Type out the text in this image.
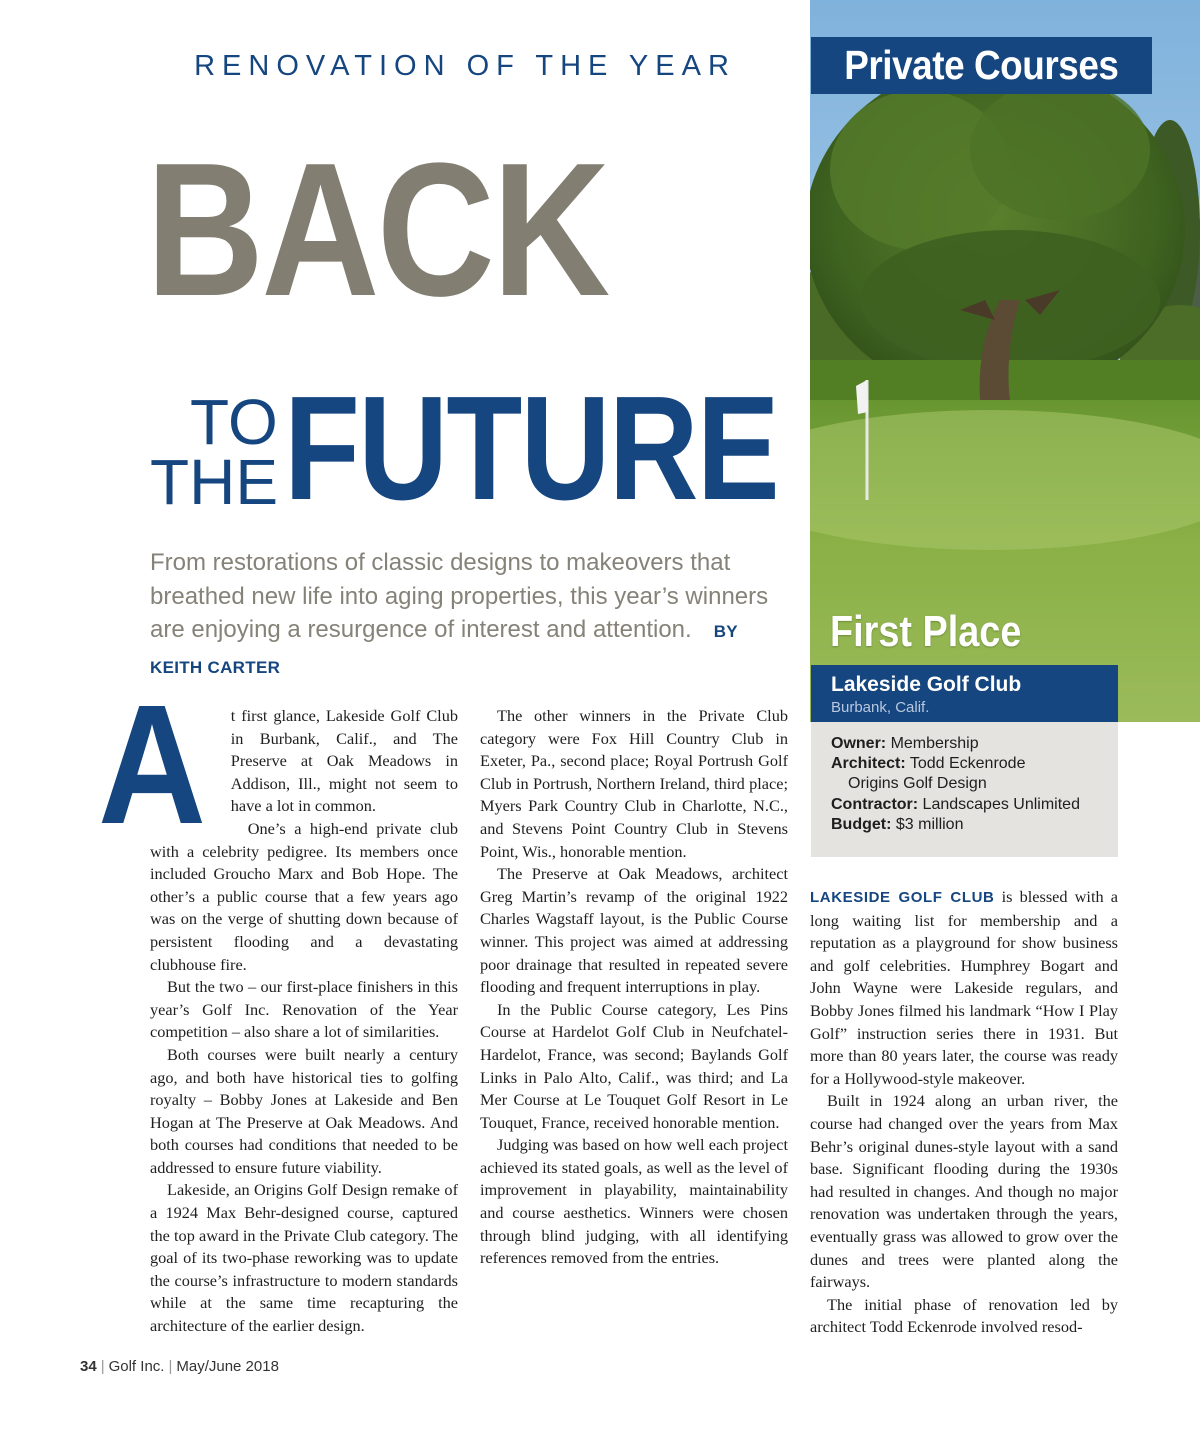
RENOVATION OF THE YEAR
BACK
TO
THE FUTURE
From restorations of classic designs to makeovers that breathed new life into aging properties, this year’s winners are enjoying a resurgence of interest and attention. BY KEITH CARTER

A t first glance, Lakeside Golf Club in Burbank, Calif., and The Preserve at Oak Meadows in Addison, Ill., might not seem to have a lot in common.

One’s a high-end private club with a celebrity pedigree. Its members once included Groucho Marx and Bob Hope. The other’s a public course that a few years ago was on the verge of shutting down because of persistent flooding and a devastating clubhouse fire.

But the two – our first-place finishers in this year’s Golf Inc. Renovation of the Year competition – also share a lot of similarities.

Both courses were built nearly a century ago, and both have historical ties to golfing royalty – Bobby Jones at Lakeside and Ben Hogan at The Preserve at Oak Meadows. And both courses had conditions that needed to be addressed to ensure future viability.

Lakeside, an Origins Golf Design remake of a 1924 Max Behr-designed course, captured the top award in the Private Club category. The goal of its two-phase reworking was to update the course’s infrastructure to modern standards while at the same time recapturing the architecture of the earlier design.

The other winners in the Private Club category were Fox Hill Country Club in Exeter, Pa., second place; Royal Portrush Golf Club in Portrush, Northern Ireland, third place; Myers Park Country Club in Charlotte, N.C., and Stevens Point Country Club in Stevens Point, Wis., honorable mention.

The Preserve at Oak Meadows, architect Greg Martin’s revamp of the original 1922 Charles Wagstaff layout, is the Public Course winner. This project was aimed at addressing poor drainage that resulted in repeated severe flooding and frequent interruptions in play.

In the Public Course category, Les Pins Course at Hardelot Golf Club in Neufchatel-Hardelot, France, was second; Baylands Golf Links in Palo Alto, Calif., was third; and La Mer Course at Le Touquet Golf Resort in Le Touquet, France, received honorable mention.

Judging was based on how well each project achieved its stated goals, as well as the level of improvement in playability, maintainability and course aesthetics. Winners were chosen through blind judging, with all identifying references removed from the entries.

Private Courses
First Place
Lakeside Golf Club
Burbank, Calif.
Owner: Membership
Architect: Todd Eckenrode
Origins Golf Design
Contractor: Landscapes Unlimited
Budget: $3 million

LAKESIDE GOLF CLUB is blessed with a long waiting list for membership and a reputation as a playground for show business and golf celebrities. Humphrey Bogart and John Wayne were Lakeside regulars, and Bobby Jones filmed his landmark “How I Play Golf” instruction series there in 1931. But more than 80 years later, the course was ready for a Hollywood-style makeover.

Built in 1924 along an urban river, the course had changed over the years from Max Behr’s original dunes-style layout with a sand base. Significant flooding during the 1930s had resulted in changes. And though no major renovation was undertaken through the years, eventually grass was allowed to grow over the dunes and trees were planted along the fairways.

The initial phase of renovation led by architect Todd Eckenrode involved resod-

34 | Golf Inc. | May/June 2018
